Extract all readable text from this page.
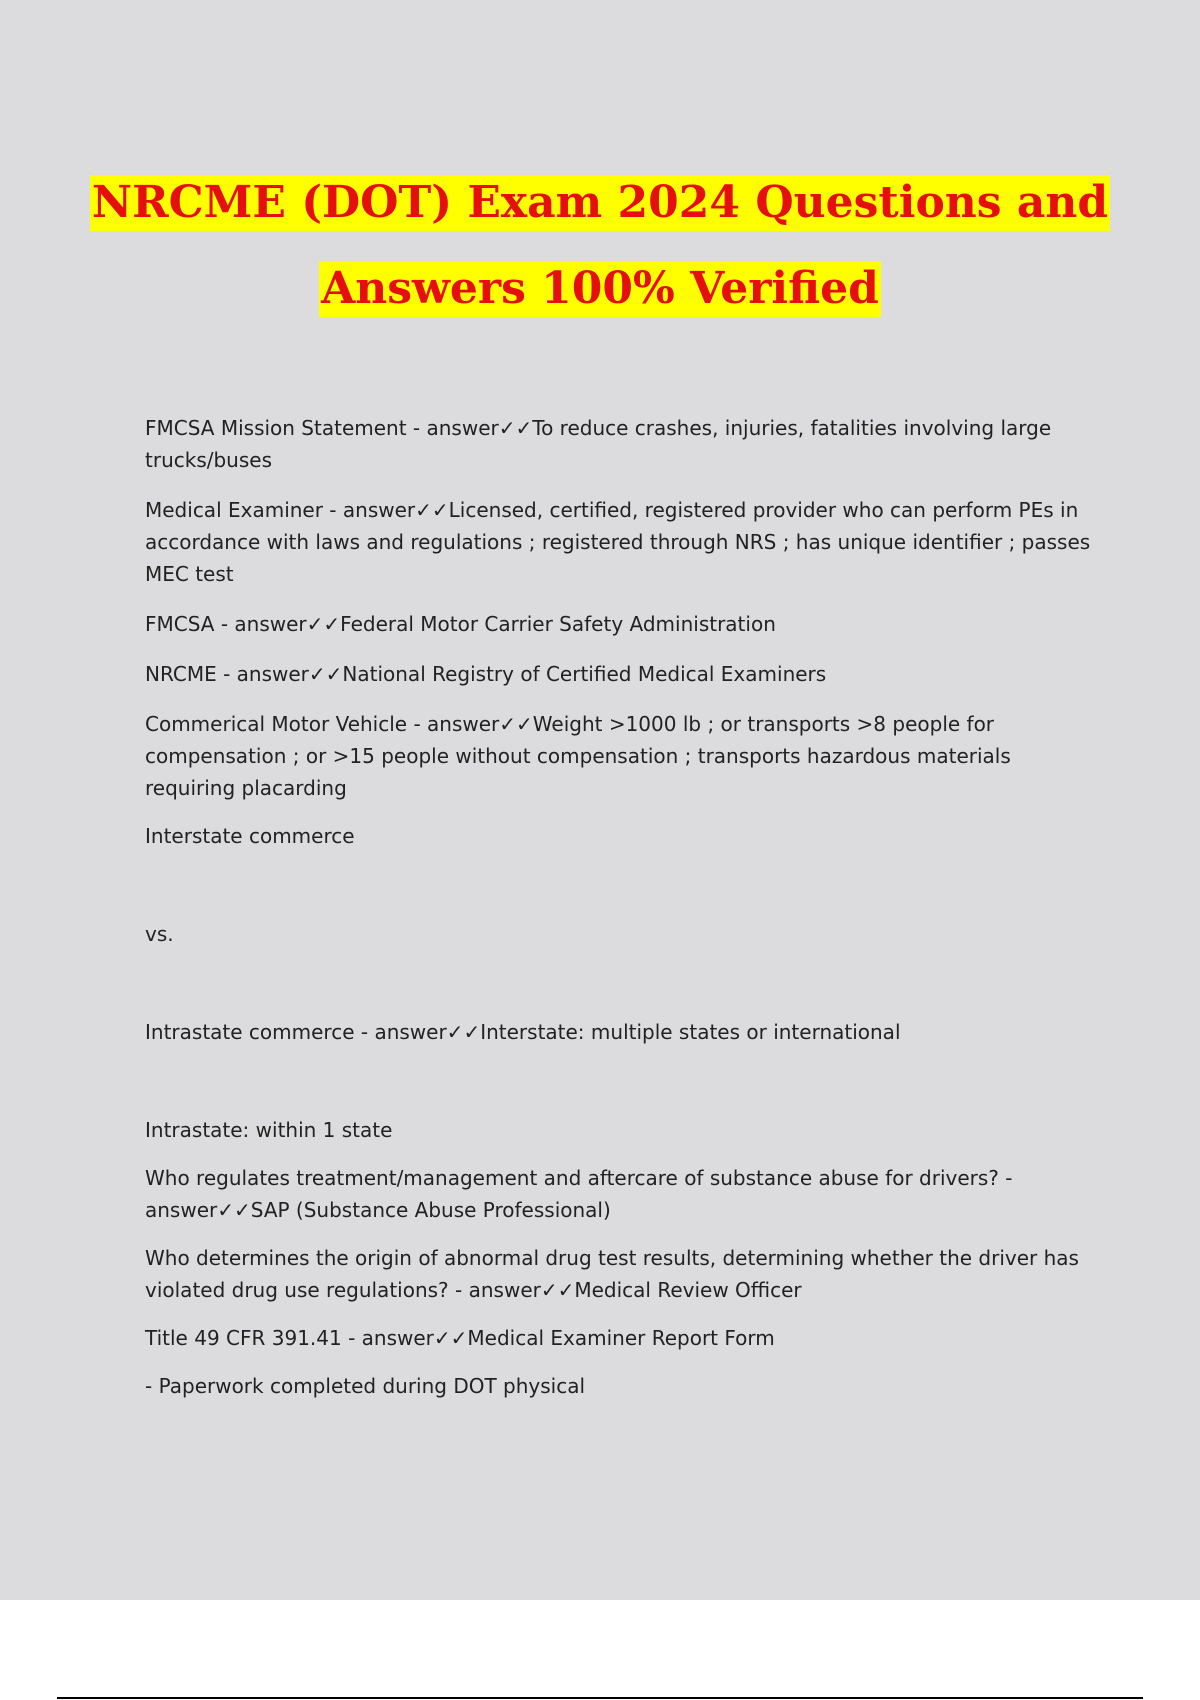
NRCME (DOT) Exam 2024 Questions and
Answers 100% Verified

FMCSA Mission Statement - answer✓✓To reduce crashes, injuries, fatalities involving large trucks/buses

Medical Examiner - answer✓✓Licensed, certified, registered provider who can perform PEs in accordance with laws and regulations ; registered through NRS ; has unique identifier ; passes MEC test

FMCSA - answer✓✓Federal Motor Carrier Safety Administration

NRCME - answer✓✓National Registry of Certified Medical Examiners

Commerical Motor Vehicle - answer✓✓Weight >1000 lb ; or transports >8 people for compensation ; or >15 people without compensation ; transports hazardous materials requiring placarding

Interstate commerce

vs.

Intrastate commerce - answer✓✓Interstate: multiple states or international

Intrastate: within 1 state

Who regulates treatment/management and aftercare of substance abuse for drivers? - answer✓✓SAP (Substance Abuse Professional)

Who determines the origin of abnormal drug test results, determining whether the driver has violated drug use regulations? - answer✓✓Medical Review Officer

Title 49 CFR 391.41 - answer✓✓Medical Examiner Report Form

- Paperwork completed during DOT physical
